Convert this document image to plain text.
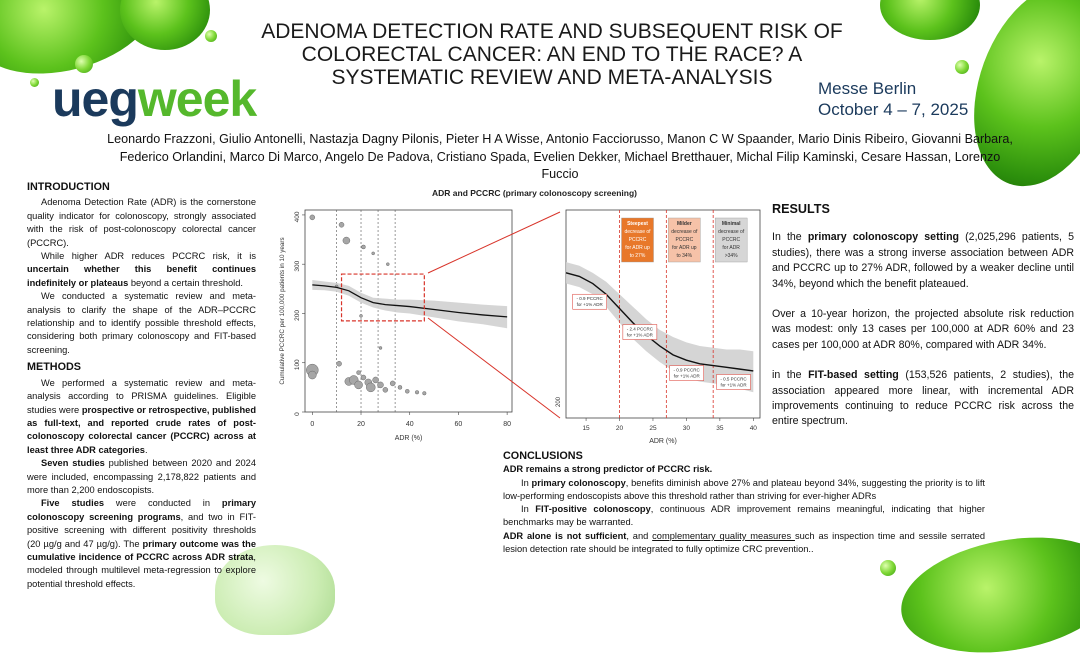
uegweek
ADENOMA DETECTION RATE AND SUBSEQUENT RISK OF COLORECTAL CANCER: AN END TO THE RACE? A SYSTEMATIC REVIEW AND META-ANALYSIS	Messe Berlin
October 4 – 7, 2025
Leonardo Frazzoni, Giulio Antonelli, Nastazja Dagny Pilonis, Pieter H A Wisse, Antonio Facciorusso, Manon C W Spaander, Mario Dinis Ribeiro, Giovanni Barbara, Federico Orlandini, Marco Di Marco, Angelo De Padova, Cristiano Spada, Evelien Dekker, Michael Bretthauer, Michal Filip Kaminski, Cesare Hassan, Lorenzo Fuccio
INTRODUCTION

Adenoma Detection Rate (ADR) is the cornerstone quality indicator for colonoscopy, strongly associated with the risk of post-colonoscopy colorectal cancer (PCCRC).

While higher ADR reduces PCCRC risk, it is uncertain whether this benefit continues indefinitely or plateaus beyond a certain threshold.

We conducted a systematic review and meta-analysis to clarify the shape of the ADR–PCCRC relationship and to identify possible threshold effects, considering both primary colonoscopy and FIT-based screening.

METHODS

We performed a systematic review and meta-analysis according to PRISMA guidelines. Eligible studies were prospective or retrospective, published as full-text, and reported crude rates of post-colonoscopy colorectal cancer (PCCRC) across at least three ADR categories.

Seven studies published between 2020 and 2024 were included, encompassing 2,178,822 patients and more than 2,200 endoscopists.

Five studies were conducted in primary colonoscopy screening programs, and two in FIT-positive screening with different positivity thresholds (20 µg/g and 47 µg/g). The primary outcome was the cumulative incidence of PCCRC across ADR strata, modeled through multilevel meta-regression to explore potential threshold effects.

ADR and PCCRC (primary colonoscopy screening)
0	20	40	60	80
0
100
200
300
400
ADR (%)
Cumulative PCCRC per 100,000 patients in 10 years
Steepest
decrease of
PCCRC
for ADR up
to 27%
Milder
decrease of
PCCRC
for ADR up
to 34%
Minimal
decrease of
PCCRC
for ADR
>34%
- 0.9 PCCRC
for +1% ADR
- 2.4 PCCRC
for +1% ADR
- 0.9 PCCRC
for +1% ADR
- 0.5 PCCRC
for +1% ADR
15	20	25	30	35	40
200
ADR (%)
RESULTS

In the primary colonoscopy setting (2,025,296 patients, 5 studies), there was a strong inverse association between ADR and PCCRC up to 27% ADR, followed by a weaker decline until 34%, beyond which the benefit plateaued.

Over a 10-year horizon, the projected absolute risk reduction was modest: only 13 cases per 100,000 at ADR 60% and 23 cases per 100,000 at ADR 80%, compared with ADR 34%.

in the FIT-based setting (153,526 patients, 2 studies), the association appeared more linear, with incremental ADR improvements continuing to reduce PCCRC risk across the entire spectrum.

CONCLUSIONS

ADR remains a strong predictor of PCCRC risk.

In primary colonoscopy, benefits diminish above 27% and plateau beyond 34%, suggesting the priority is to lift low-performing endoscopists above this threshold rather than striving for ever-higher ADRs

In FIT-positive colonoscopy, continuous ADR improvement remains meaningful, indicating that higher benchmarks may be warranted.

ADR alone is not sufficient, and complementary quality measures such as inspection time and sessile serrated lesion detection rate should be integrated to fully optimize CRC prevention..
